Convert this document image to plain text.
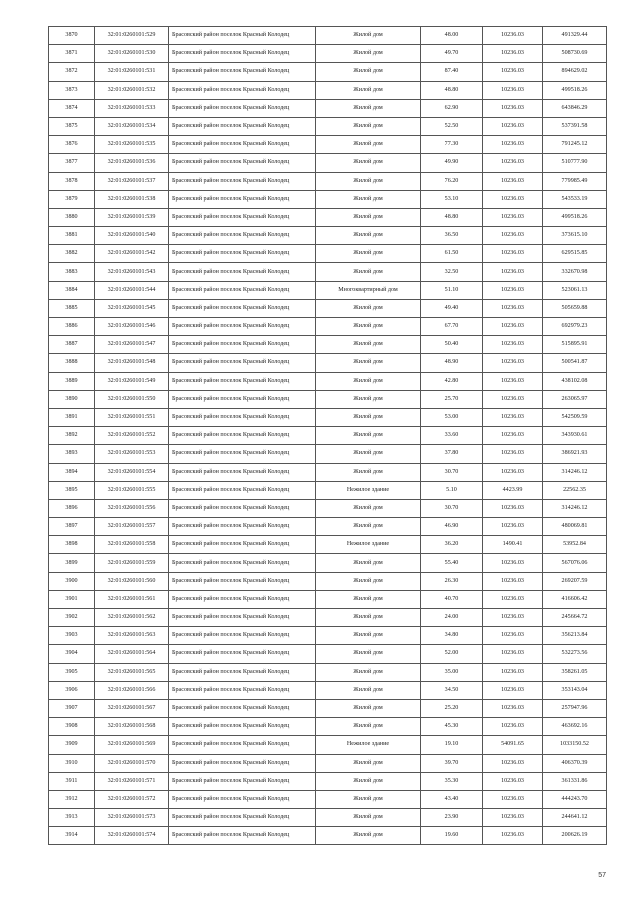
3870	32:01:0260101:529	Брасовский район поселок Красный Колодец	Жилой дом	48.00	10236.03	491329.44
3871	32:01:0260101:530	Брасовский район поселок Красный Колодец	Жилой дом	49.70	10236.03	508730.69
3872	32:01:0260101:531	Брасовский район поселок Красный Колодец	Жилой дом	87.40	10236.03	894629.02
3873	32:01:0260101:532	Брасовский район поселок Красный Колодец	Жилой дом	48.80	10236.03	499518.26
3874	32:01:0260101:533	Брасовский район поселок Красный Колодец	Жилой дом	62.90	10236.03	643846.29
3875	32:01:0260101:534	Брасовский район поселок Красный Колодец	Жилой дом	52.50	10236.03	537391.58
3876	32:01:0260101:535	Брасовский район поселок Красный Колодец	Жилой дом	77.30	10236.03	791245.12
3877	32:01:0260101:536	Брасовский район поселок Красный Колодец	Жилой дом	49.90	10236.03	510777.90
3878	32:01:0260101:537	Брасовский район поселок Красный Колодец	Жилой дом	76.20	10236.03	779985.49
3879	32:01:0260101:538	Брасовский район поселок Красный Колодец	Жилой дом	53.10	10236.03	543533.19
3880	32:01:0260101:539	Брасовский район поселок Красный Колодец	Жилой дом	48.80	10236.03	499518.26
3881	32:01:0260101:540	Брасовский район поселок Красный Колодец	Жилой дом	36.50	10236.03	373615.10
3882	32:01:0260101:542	Брасовский район поселок Красный Колодец	Жилой дом	61.50	10236.03	629515.85
3883	32:01:0260101:543	Брасовский район поселок Красный Колодец	Жилой дом	32.50	10236.03	332670.98
3884	32:01:0260101:544	Брасовский район поселок Красный Колодец	Многоквартирный дом	51.10	10236.03	523061.13
3885	32:01:0260101:545	Брасовский район поселок Красный Колодец	Жилой дом	49.40	10236.03	505659.88
3886	32:01:0260101:546	Брасовский район поселок Красный Колодец	Жилой дом	67.70	10236.03	692979.23
3887	32:01:0260101:547	Брасовский район поселок Красный Колодец	Жилой дом	50.40	10236.03	515895.91
3888	32:01:0260101:548	Брасовский район поселок Красный Колодец	Жилой дом	48.90	10236.03	500541.87
3889	32:01:0260101:549	Брасовский район поселок Красный Колодец	Жилой дом	42.80	10236.03	438102.08
3890	32:01:0260101:550	Брасовский район поселок Красный Колодец	Жилой дом	25.70	10236.03	263065.97
3891	32:01:0260101:551	Брасовский район поселок Красный Колодец	Жилой дом	53.00	10236.03	542509.59
3892	32:01:0260101:552	Брасовский район поселок Красный Колодец	Жилой дом	33.60	10236.03	343930.61
3893	32:01:0260101:553	Брасовский район поселок Красный Колодец	Жилой дом	37.80	10236.03	386921.93
3894	32:01:0260101:554	Брасовский район поселок Красный Колодец	Жилой дом	30.70	10236.03	314246.12
3895	32:01:0260101:555	Брасовский район поселок Красный Колодец	Нежилое здание	5.10	4423.99	22562.35
3896	32:01:0260101:556	Брасовский район поселок Красный Колодец	Жилой дом	30.70	10236.03	314246.12
3897	32:01:0260101:557	Брасовский район поселок Красный Колодец	Жилой дом	46.90	10236.03	480069.81
3898	32:01:0260101:558	Брасовский район поселок Красный Колодец	Нежилое здание	36.20	1490.41	53952.84
3899	32:01:0260101:559	Брасовский район поселок Красный Колодец	Жилой дом	55.40	10236.03	567076.06
3900	32:01:0260101:560	Брасовский район поселок Красный Колодец	Жилой дом	26.30	10236.03	269207.59
3901	32:01:0260101:561	Брасовский район поселок Красный Колодец	Жилой дом	40.70	10236.03	416606.42
3902	32:01:0260101:562	Брасовский район поселок Красный Колодец	Жилой дом	24.00	10236.03	245664.72
3903	32:01:0260101:563	Брасовский район поселок Красный Колодец	Жилой дом	34.80	10236.03	356213.84
3904	32:01:0260101:564	Брасовский район поселок Красный Колодец	Жилой дом	52.00	10236.03	532273.56
3905	32:01:0260101:565	Брасовский район поселок Красный Колодец	Жилой дом	35.00	10236.03	358261.05
3906	32:01:0260101:566	Брасовский район поселок Красный Колодец	Жилой дом	34.50	10236.03	353143.04
3907	32:01:0260101:567	Брасовский район поселок Красный Колодец	Жилой дом	25.20	10236.03	257947.96
3908	32:01:0260101:568	Брасовский район поселок Красный Колодец	Жилой дом	45.30	10236.03	463692.16
3909	32:01:0260101:569	Брасовский район поселок Красный Колодец	Нежилое здание	19.10	54091.65	1033150.52
3910	32:01:0260101:570	Брасовский район поселок Красный Колодец	Жилой дом	39.70	10236.03	406370.39
3911	32:01:0260101:571	Брасовский район поселок Красный Колодец	Жилой дом	35.30	10236.03	361331.86
3912	32:01:0260101:572	Брасовский район поселок Красный Колодец	Жилой дом	43.40	10236.03	444243.70
3913	32:01:0260101:573	Брасовский район поселок Красный Колодец	Жилой дом	23.90	10236.03	244641.12
3914	32:01:0260101:574	Брасовский район поселок Красный Колодец	Жилой дом	19.60	10236.03	200626.19
57
